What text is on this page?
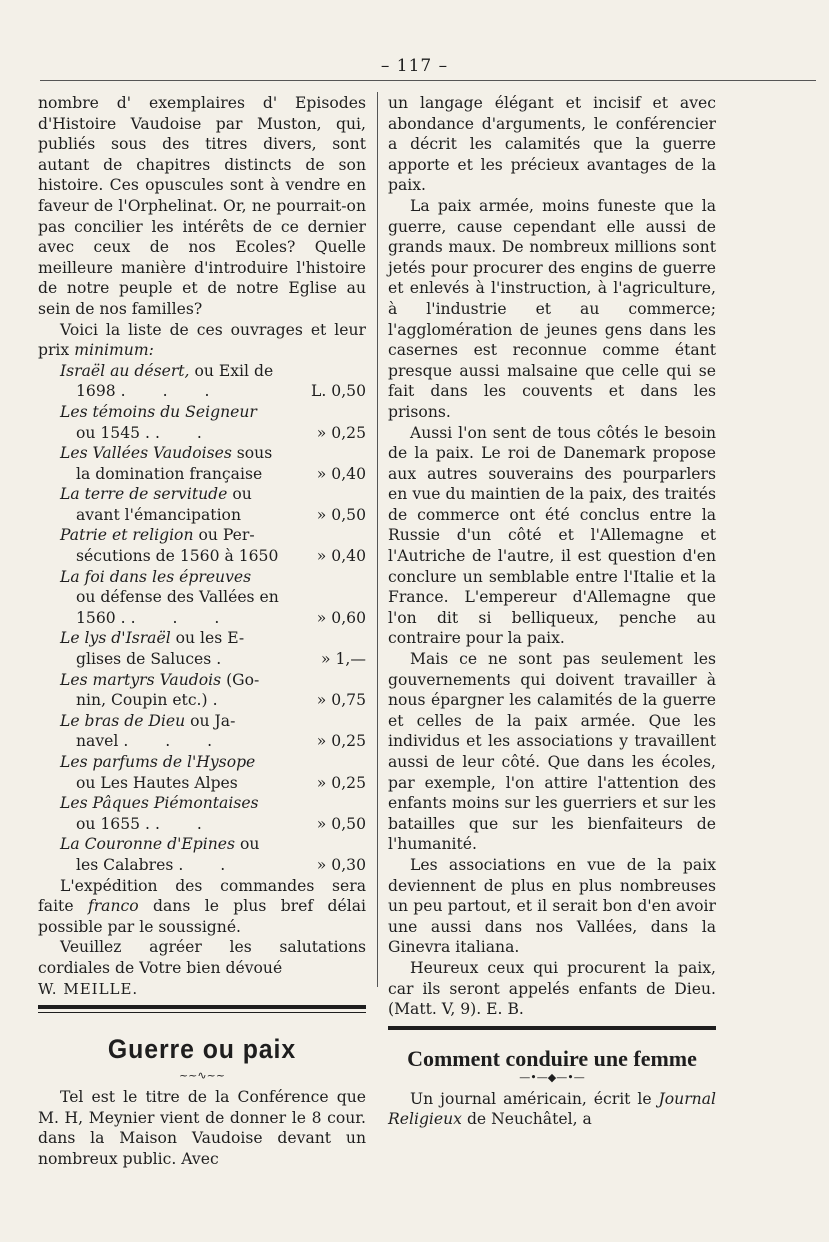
– 117 –

nombre d' exemplaires d' Episodes d'Histoire Vaudoise par Muston, qui, publiés sous des titres divers, sont autant de chapitres distincts de son histoire. Ces opuscules sont à vendre en faveur de l'Orphelinat. Or, ne pourrait-on pas concilier les intérêts de ce dernier avec ceux de nos Ecoles? Quelle meilleure manière d'introduire l'histoire de notre peuple et de notre Eglise au sein de nos familles?

Voici la liste de ces ouvrages et leur prix minimum:

Israël au désert, ou Exil de
1698 . . .	L. 0,50
Les témoins du Seigneur
ou 1545 . . .	» 0,25
Les Vallées Vaudoises sous
la domination française	» 0,40
La terre de servitude ou
avant l'émancipation	» 0,50
Patrie et religion ou Per-
sécutions de 1560 à 1650	» 0,40
La foi dans les épreuves
ou défense des Vallées en 1560 . . . .	» 0,60
Le lys d'Israël ou les E-
glises de Saluces .	» 1,—
Les martyrs Vaudois (Go-
nin, Coupin etc.) .	» 0,75
Le bras de Dieu ou Ja-
navel . . .	» 0,25
Les parfums de l'Hysope
ou Les Hautes Alpes	» 0,25
Les Pâques Piémontaises
ou 1655 . . .	» 0,50
La Couronne d'Epines ou
les Calabres . .	» 0,30

L'expédition des commandes sera faite franco dans le plus bref délai possible par le soussigné.

Veuillez agréer les salutations cordiales de Votre bien dévoué

W. MEILLE.

Guerre ou paix
~~∿~~

Tel est le titre de la Conférence que M. H, Meynier vient de donner le 8 cour. dans la Maison Vaudoise devant un nombreux public. Avec

un langage élégant et incisif et avec abondance d'arguments, le conférencier a décrit les calamités que la guerre apporte et les précieux avantages de la paix.

La paix armée, moins funeste que la guerre, cause cependant elle aussi de grands maux. De nombreux millions sont jetés pour procurer des engins de guerre et enlevés à l'instruction, à l'agriculture, à l'industrie et au commerce; l'agglomération de jeunes gens dans les casernes est reconnue comme étant presque aussi malsaine que celle qui se fait dans les couvents et dans les prisons.

Aussi l'on sent de tous côtés le besoin de la paix. Le roi de Danemark propose aux autres souverains des pourparlers en vue du maintien de la paix, des traités de commerce ont été conclus entre la Russie d'un côté et l'Allemagne et l'Autriche de l'autre, il est question d'en conclure un semblable entre l'Italie et la France. L'empereur d'Allemagne que l'on dit si belliqueux, penche au contraire pour la paix.

Mais ce ne sont pas seulement les gouvernements qui doivent travailler à nous épargner les calamités de la guerre et celles de la paix armée. Que les individus et les associations y travaillent aussi de leur côté. Que dans les écoles, par exemple, l'on attire l'attention des enfants moins sur les guerriers et sur les batailles que sur les bienfaiteurs de l'humanité.

Les associations en vue de la paix deviennent de plus en plus nombreuses un peu partout, et il serait bon d'en avoir une aussi dans nos Vallées, dans la Ginevra italiana.

Heureux ceux qui procurent la paix, car ils seront appelés enfants de Dieu. (Matt. V, 9). E. B.

Comment conduire une femme
—•—◆—•—

Un journal américain, écrit le Journal Religieux de Neuchâtel, a
